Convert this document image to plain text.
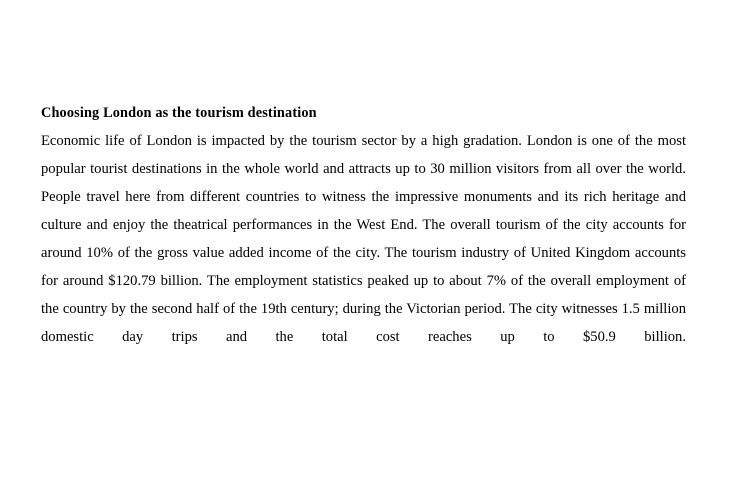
Choosing London as the tourism destination

Economic life of London is impacted by the tourism sector by a high gradation. London is one of the most popular tourist destinations in the whole world and attracts up to 30 million visitors from all over the world. People travel here from different countries to witness the impressive monuments and its rich heritage and culture and enjoy the theatrical performances in the West End. The overall tourism of the city accounts for around 10% of the gross value added income of the city. The tourism industry of United Kingdom accounts for around $120.79 billion. The employment statistics peaked up to about 7% of the overall employment of the country by the second half of the 19th century; during the Victorian period. The city witnesses 1.5 million domestic day trips and the total cost reaches up to $50.9 billion.
